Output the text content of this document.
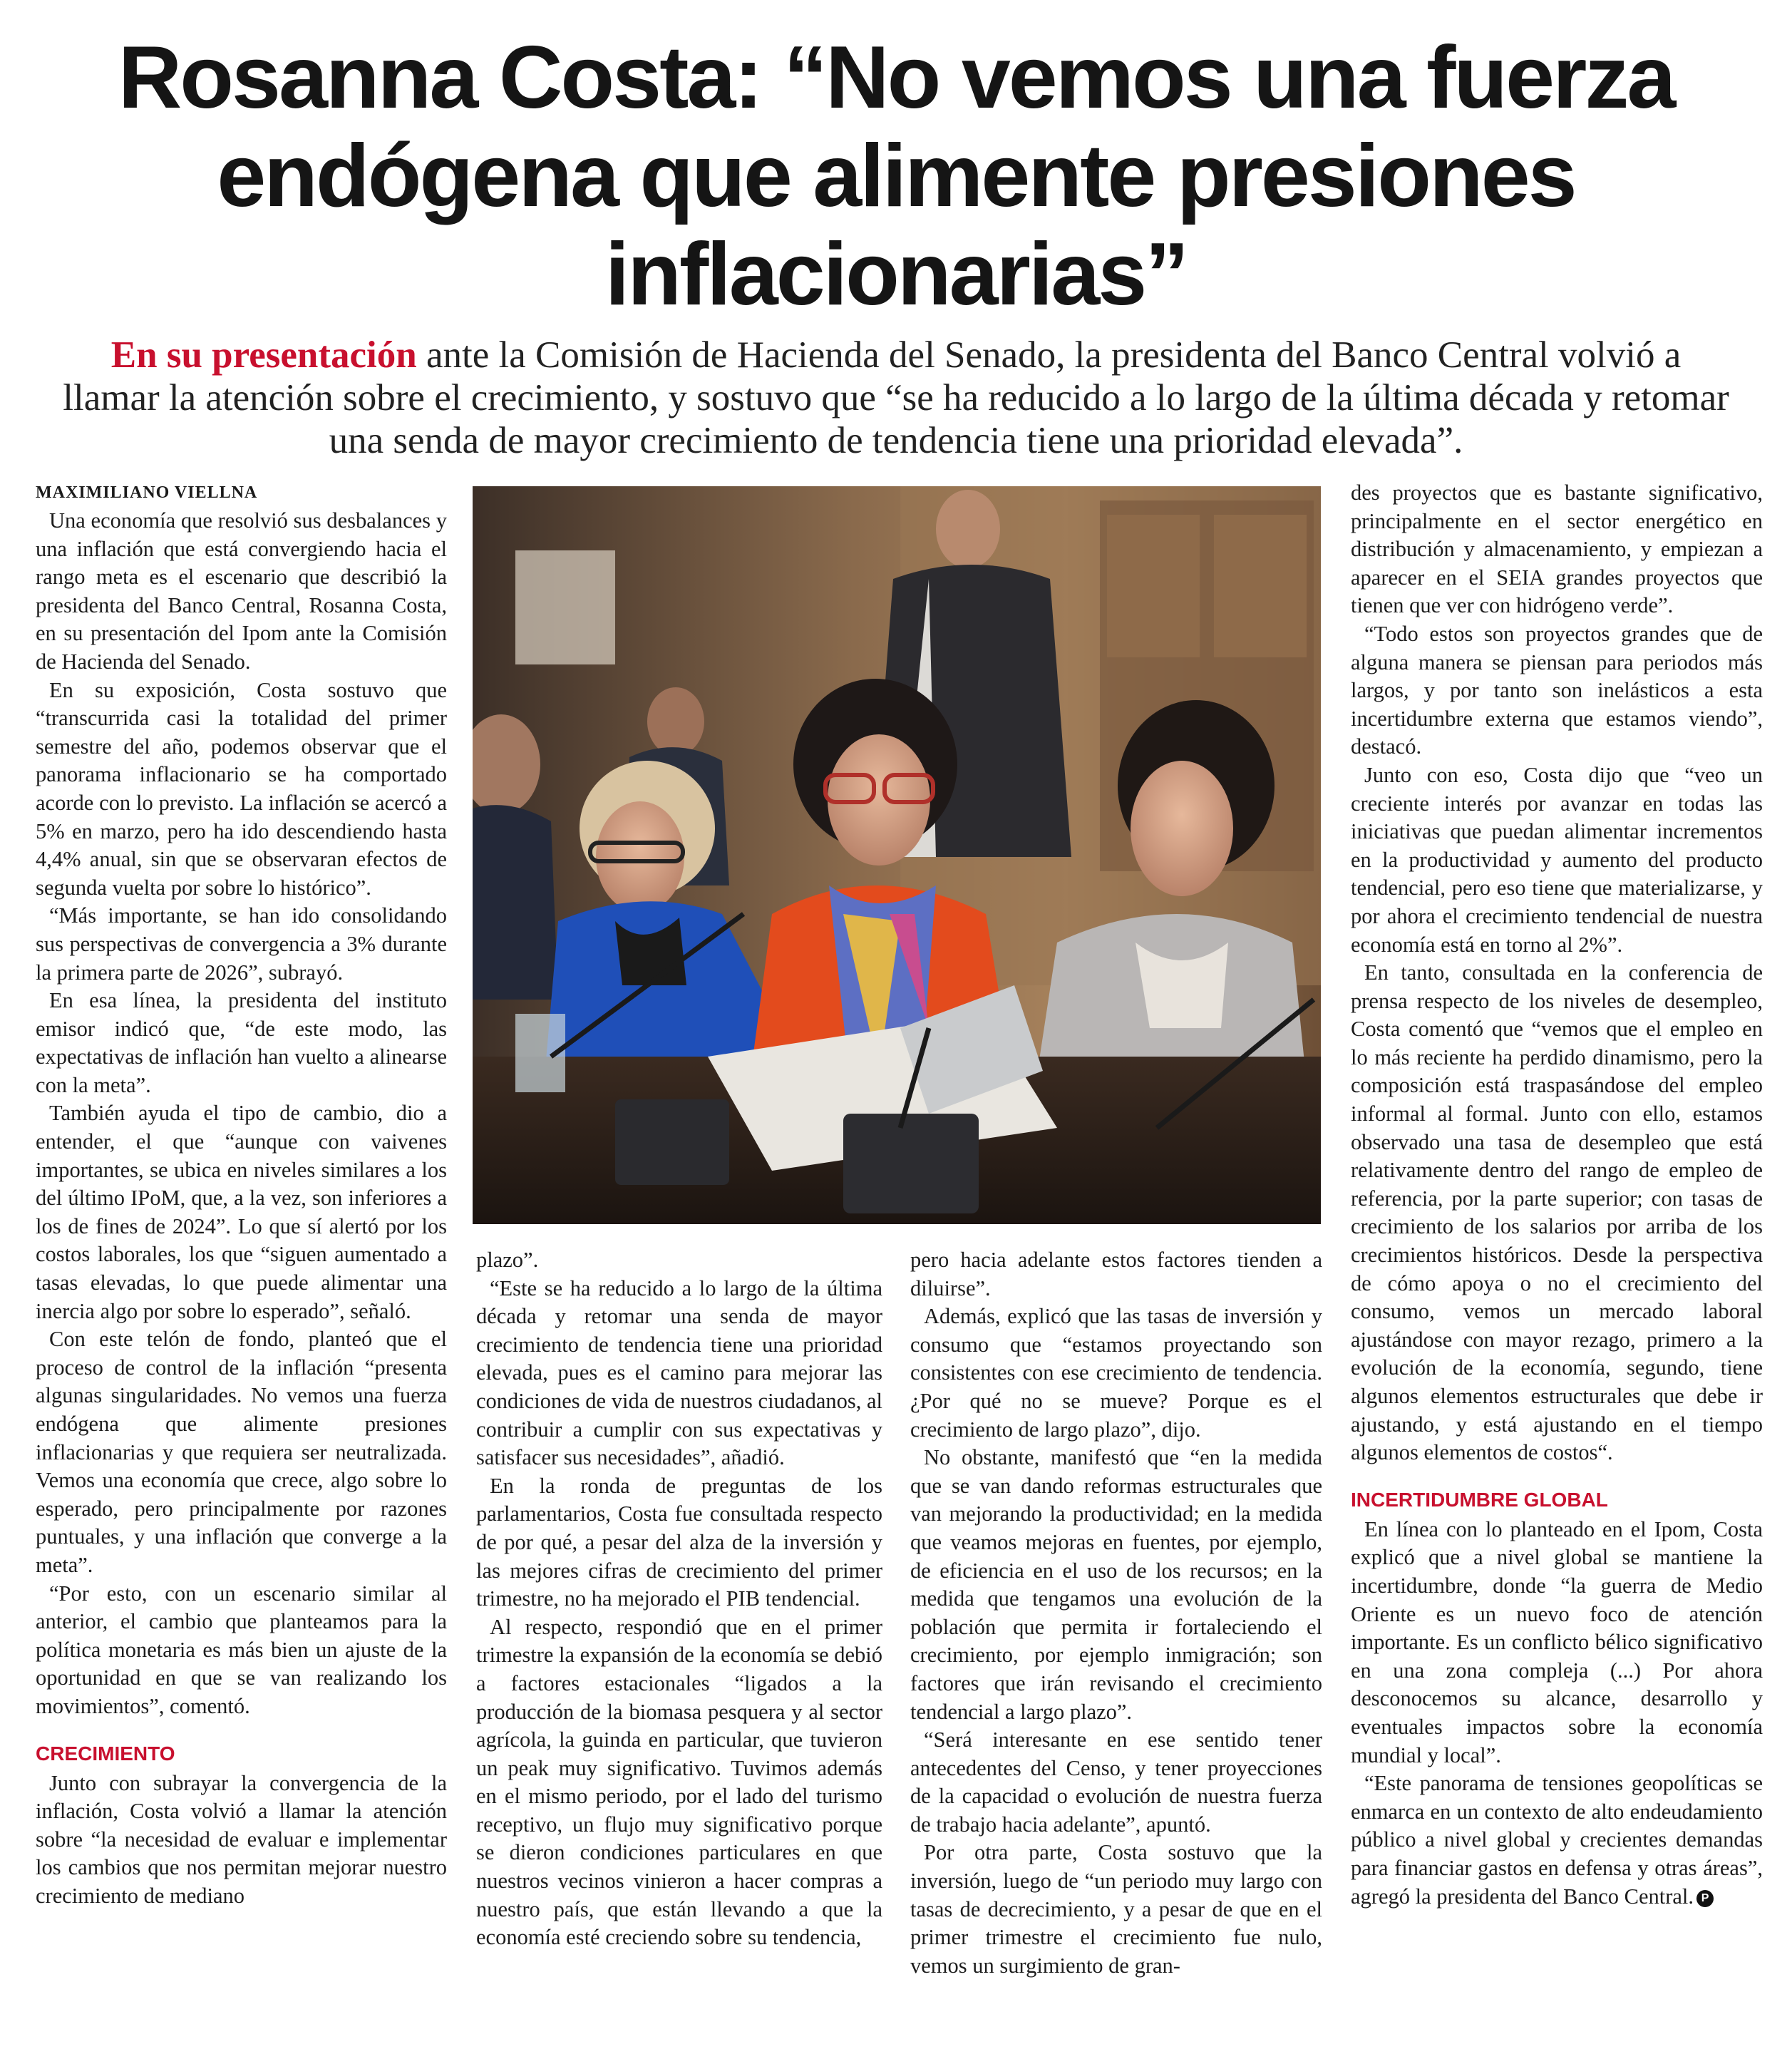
Rosanna Costa: “No vemos una fuerza
endógena que alimente presiones
inflacionarias”
En su presentación ante la Comisión de Hacienda del Senado, la presidenta del Banco Central volvió a
llamar la atención sobre el crecimiento, y sostuvo que “se ha reducido a lo largo de la última década y retomar
una senda de mayor crecimiento de tendencia tiene una prioridad elevada”.
MAXIMILIANO VIELLNA

Una economía que resolvió sus desbalances y una inflación que está convergiendo hacia el rango meta es el escenario que describió la presidenta del Banco Central, Rosanna Costa, en su presentación del Ipom ante la Comisión de Hacienda del Senado.

En su exposición, Costa sostuvo que “transcurrida casi la totalidad del primer semestre del año, podemos observar que el panorama inflacionario se ha comportado acorde con lo previsto. La inflación se acercó a 5% en marzo, pero ha ido descendiendo hasta 4,4% anual, sin que se observaran efectos de segunda vuelta por sobre lo histórico”.

“Más importante, se han ido consolidando sus perspectivas de convergencia a 3% durante la primera parte de 2026”, subrayó.

En esa línea, la presidenta del instituto emisor indicó que, “de este modo, las expectativas de inflación han vuelto a alinearse con la meta”.

También ayuda el tipo de cambio, dio a entender, el que “aunque con vaivenes importantes, se ubica en niveles similares a los del último IPoM, que, a la vez, son inferiores a los de fines de 2024”. Lo que sí alertó por los costos laborales, los que “siguen aumentado a tasas elevadas, lo que puede alimentar una inercia algo por sobre lo esperado”, señaló.

Con este telón de fondo, planteó que el proceso de control de la inflación “presenta algunas singularidades. No vemos una fuerza endógena que alimente presiones inflacionarias y que requiera ser neutralizada. Vemos una economía que crece, algo sobre lo esperado, pero principalmente por razones puntuales, y una inflación que converge a la meta”.

“Por esto, con un escenario similar al anterior, el cambio que planteamos para la política monetaria es más bien un ajuste de la oportunidad en que se van realizando los movimientos”, comentó.

CRECIMIENTO

Junto con subrayar la convergencia de la inflación, Costa volvió a llamar la atención sobre “la necesidad de evaluar e implementar los cambios que nos permitan mejorar nuestro crecimiento de mediano

plazo”.

“Este se ha reducido a lo largo de la última década y retomar una senda de mayor crecimiento de tendencia tiene una prioridad elevada, pues es el camino para mejorar las condiciones de vida de nuestros ciudadanos, al contribuir a cumplir con sus expectativas y satisfacer sus necesidades”, añadió.

En la ronda de preguntas de los parlamentarios, Costa fue consultada respecto de por qué, a pesar del alza de la inversión y las mejores cifras de crecimiento del primer trimestre, no ha mejorado el PIB tendencial.

Al respecto, respondió que en el primer trimestre la expansión de la economía se debió a factores estacionales “ligados a la producción de la biomasa pesquera y al sector agrícola, la guinda en particular, que tuvieron un peak muy significativo. Tuvimos además en el mismo periodo, por el lado del turismo receptivo, un flujo muy significativo porque se dieron condiciones particulares en que nuestros vecinos vinieron a hacer compras a nuestro país, que están llevando a que la economía esté creciendo sobre su tendencia,

pero hacia adelante estos factores tienden a diluirse”.

Además, explicó que las tasas de inversión y consumo que “estamos proyectando son consistentes con ese crecimiento de tendencia. ¿Por qué no se mueve? Porque es el crecimiento de largo plazo”, dijo.

No obstante, manifestó que “en la medida que se van dando reformas estructurales que van mejorando la productividad; en la medida que veamos mejoras en fuentes, por ejemplo, de eficiencia en el uso de los recursos; en la medida que tengamos una evolución de la población que permita ir fortaleciendo el crecimiento, por ejemplo inmigración; son factores que irán revisando el crecimiento tendencial a largo plazo”.

“Será interesante en ese sentido tener antecedentes del Censo, y tener proyecciones de la capacidad o evolución de nuestra fuerza de trabajo hacia adelante”, apuntó.

Por otra parte, Costa sostuvo que la inversión, luego de “un periodo muy largo con tasas de decrecimiento, y a pesar de que en el primer trimestre el crecimiento fue nulo, vemos un surgimiento de gran-

des proyectos que es bastante significativo, principalmente en el sector energético en distribución y almacenamiento, y empiezan a aparecer en el SEIA grandes proyectos que tienen que ver con hidrógeno verde”.

“Todo estos son proyectos grandes que de alguna manera se piensan para periodos más largos, y por tanto son inelásticos a esta incertidumbre externa que estamos viendo”, destacó.

Junto con eso, Costa dijo que “veo un creciente interés por avanzar en todas las iniciativas que puedan alimentar incrementos en la productividad y aumento del producto tendencial, pero eso tiene que materializarse, y por ahora el crecimiento tendencial de nuestra economía está en torno al 2%”.

En tanto, consultada en la conferencia de prensa respecto de los niveles de desempleo, Costa comentó que “vemos que el empleo en lo más reciente ha perdido dinamismo, pero la composición está traspasándose del empleo informal al formal. Junto con ello, estamos observado una tasa de desempleo que está relativamente dentro del rango de empleo de referencia, por la parte superior; con tasas de crecimiento de los salarios por arriba de los crecimientos históricos. Desde la perspectiva de cómo apoya o no el crecimiento del consumo, vemos un mercado laboral ajustándose con mayor rezago, primero a la evolución de la economía, segundo, tiene algunos elementos estructurales que debe ir ajustando, y está ajustando en el tiempo algunos elementos de costos“.

INCERTIDUMBRE GLOBAL

En línea con lo planteado en el Ipom, Costa explicó que a nivel global se mantiene la incertidumbre, donde “la guerra de Medio Oriente es un nuevo foco de atención importante. Es un conflicto bélico significativo en una zona compleja (...) Por ahora desconocemos su alcance, desarrollo y eventuales impactos sobre la economía mundial y local”.

“Este panorama de tensiones geopolíticas se enmarca en un contexto de alto endeudamiento público a nivel global y crecientes demandas para financiar gastos en defensa y otras áreas”, agregó la presidenta del Banco Central. P
